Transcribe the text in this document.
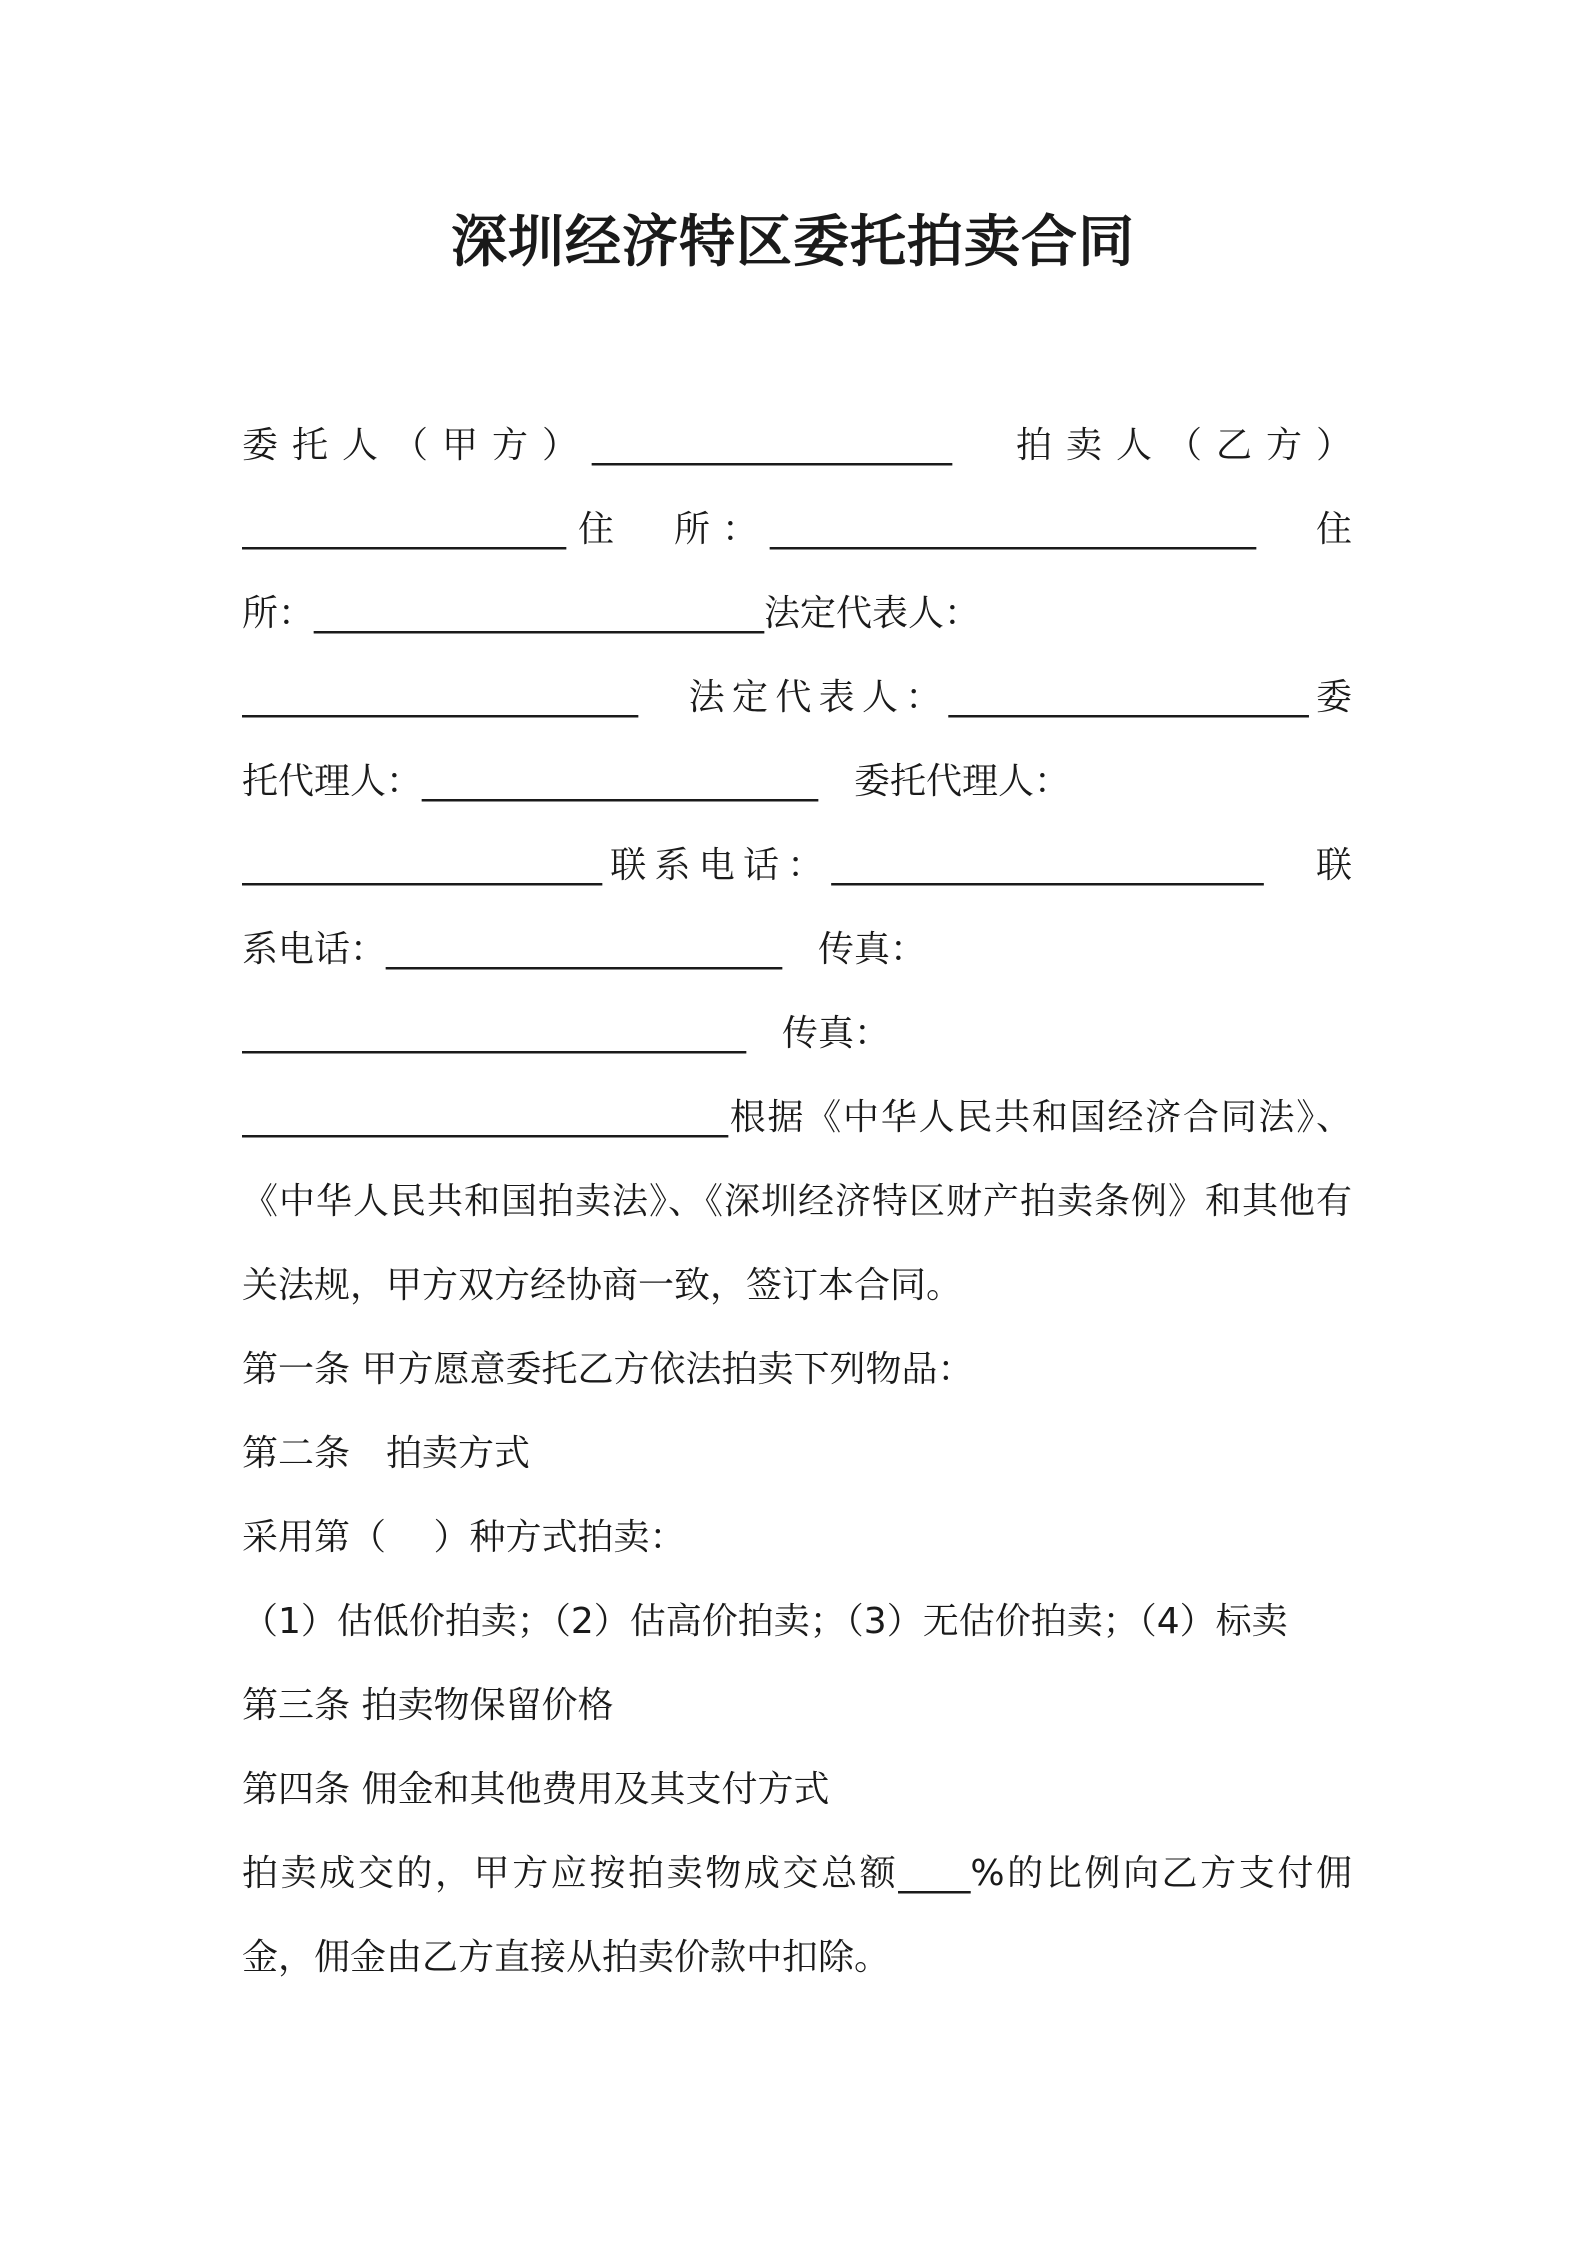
深圳经济特区委托拍卖合同
委托人（甲方）____________________　拍卖人（乙方）
__________________住　所：___________________________　住
所：_________________________法定代表人：
______________________　法定代表人：____________________委
托代理人：______________________　委托代理人：
____________________联系电话：________________________　联
系电话：______________________　传真：
____________________________　传真：
___________________________根据《中华人民共和国经济合同法》、
《中华人民共和国拍卖法》、《深圳经济特区财产拍卖条例》和其他有
关法规，甲方双方经协商一致，签订本合同。
第一条 甲方愿意委托乙方依法拍卖下列物品：
第二条　拍卖方式
采用第（　 ）种方式拍卖：
（1）估低价拍卖；（2）估高价拍卖；（3）无估价拍卖；（4）标卖
第三条 拍卖物保留价格
第四条 佣金和其他费用及其支付方式
拍卖成交的，甲方应按拍卖物成交总额____%的比例向乙方支付佣
金，佣金由乙方直接从拍卖价款中扣除。
